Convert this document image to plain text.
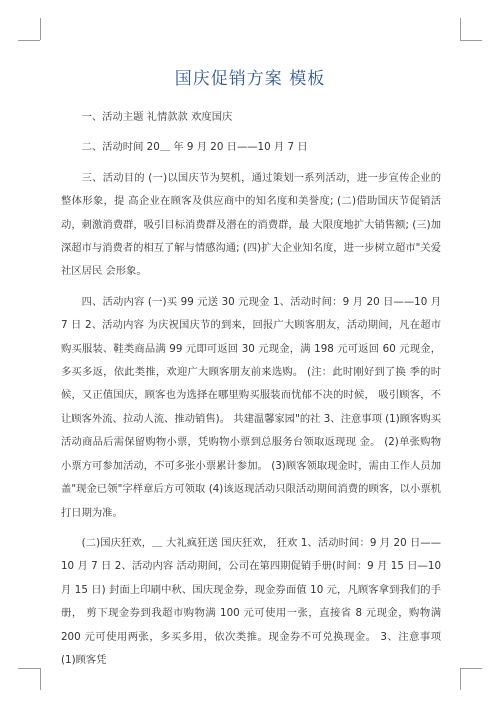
国庆促销方案 模板

一、活动主题 礼情款款 欢度国庆

二、活动时间 20＿ 年 9 月 20 日——10 月 7 日

三、活动目的 (一)以国庆节为契机，通过策划一系列活动，进一步宣传企业的整体形象，提 高企业在顾客及供应商中的知名度和美誉度; (二)借助国庆节促销活动，刺激消费群，吸引目标消费群及潜在的消费群，最 大限度地扩大销售额; (三)加深超市与消费者的相互了解与情感沟通; (四)扩大企业知名度，进一步树立超市"关爱社区居民 会形象。

四、活动内容 (一)买 99 元送 30 元现金 1、活动时间：9 月 20 日——10 月 7 日 2、活动内容 为庆祝国庆节的到来，回报广大顾客朋友，活动期间，凡在超市购买服装、鞋类商品满 99 元即可返回 30 元现金，满 198 元可返回 60 元现金， 多买多返，依此类推，欢迎广大顾客朋友前来选购。 (注：此时刚好到了换 季的时候，又正值国庆，顾客也为选择在哪里购买服装而忧郁不决的时候， 吸引顾客，不让顾客外流、拉动人流、推动销售)。 共建温馨家园"的社 3、注意事项 (1)顾客购买活动商品后需保留购物小票，凭购物小票到总服务台领取返现现 金。 (2)单张购物小票方可参加活动，不可多张小票累计参加。 (3)顾客领取现金时，需由工作人员加盖"现金已领"字样章后方可领取 (4)该返现活动只限活动期间消费的顾客，以小票机打日期为准。

(二)国庆狂欢，＿ 大礼疯狂送 国庆狂欢， 狂欢 1、活动时间：9 月 20 日——10 月 7 日 2、活动内容 活动期间，公司在第四期促销手册(时间：9 月 15 日—10 月 15 日) 封面上印刷中秋、国庆现金券，现金券面值 10 元，凡顾客拿到我们的手册， 剪下现金券到我超市购物满 100 元可使用一张，直接省 8 元现金，购物满 200 元可使用两张，多买多用，依次类推。现金券不可兑换现金。 3、注意事项 (1)顾客凭
